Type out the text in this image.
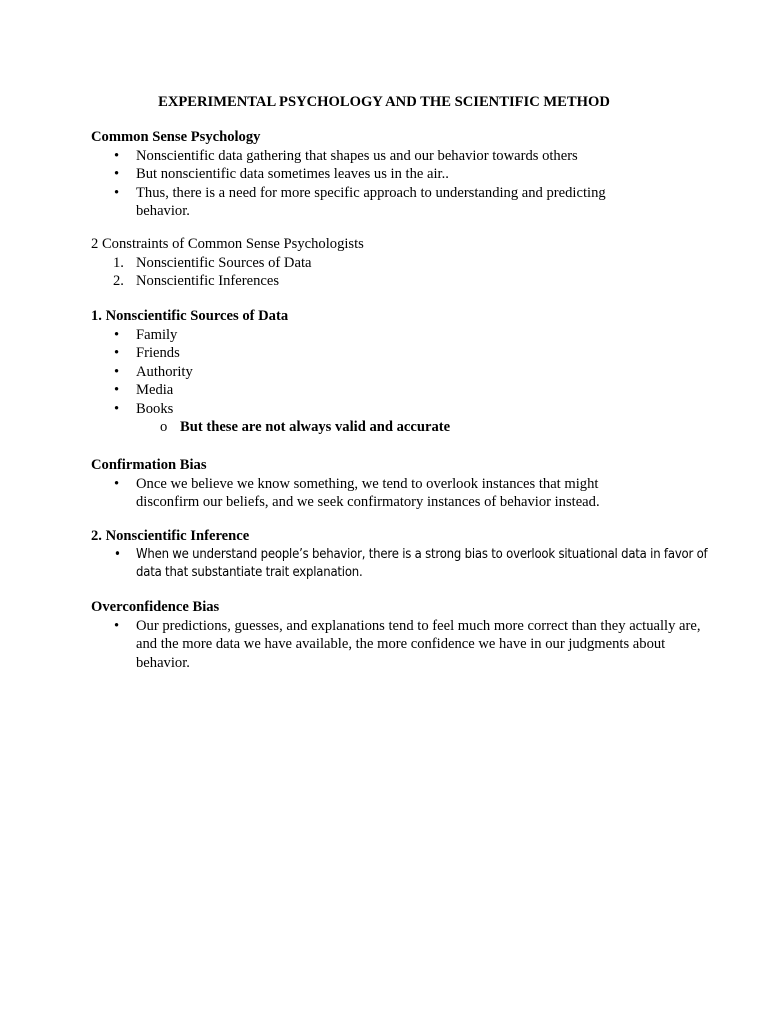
EXPERIMENTAL PSYCHOLOGY AND THE SCIENTIFIC METHOD
Common Sense Psychology
• Nonscientific data gathering that shapes us and our behavior towards others
• But nonscientific data sometimes leaves us in the air..
• Thus, there is a need for more specific approach to understanding and predicting behavior.
2 Constraints of Common Sense Psychologists
1. Nonscientific Sources of Data
2. Nonscientific Inferences
1. Nonscientific Sources of Data
• Family
• Friends
• Authority
• Media
• Books
o But these are not always valid and accurate
Confirmation Bias
• Once we believe we know something, we tend to overlook instances that might disconfirm our beliefs, and we seek confirmatory instances of behavior instead.
2. Nonscientific Inference
• When we understand people’s behavior, there is a strong bias to overlook situational data in favor of data that substantiate trait explanation.
Overconfidence Bias
• Our predictions, guesses, and explanations tend to feel much more correct than they actually are, and the more data we have available, the more confidence we have in our judgments about behavior.
